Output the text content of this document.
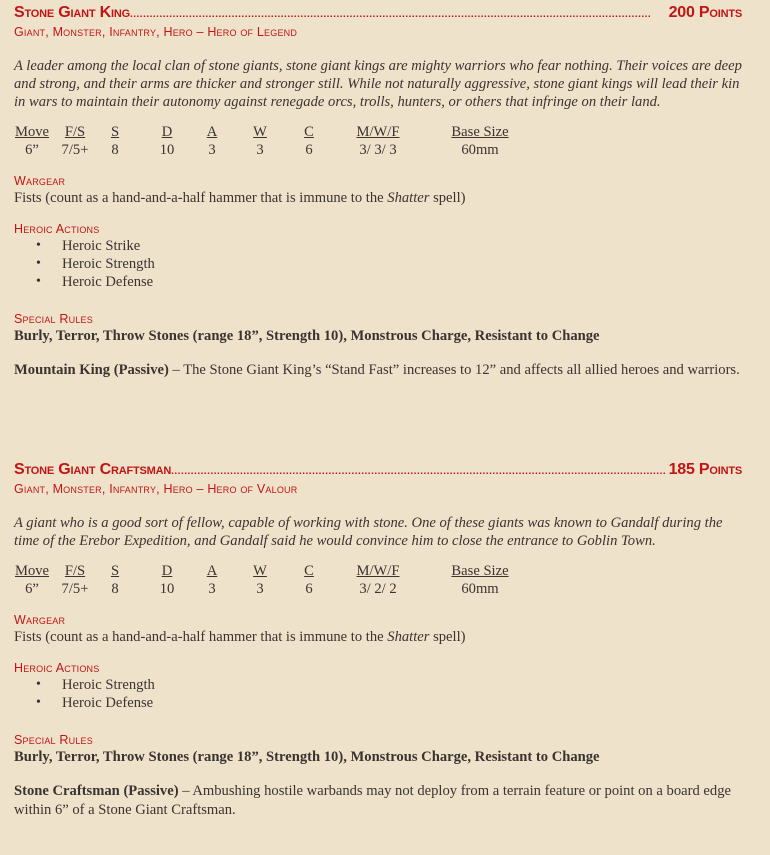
Stone Giant King ...............................................................................................................................................................	200 Points
Giant, Monster, Infantry, Hero – Hero of Legend
A leader among the local clan of stone giants, stone giant kings are mighty warriors who fear nothing. Their voices are deep and strong, and their arms are thicker and stronger still. While not naturally aggressive, stone giant kings will lead their kin in wars to maintain their autonomy against renegade orcs, trolls, hunters, or others that infringe on their land.
Move
6”
F/S
7/5+
S
8
D
10
A
3
W
3
C
6
M/W/F
3/ 3/ 3
Base Size
60mm
Wargear
Fists (count as a hand-and-a-half hammer that is immune to the Shatter spell)
Heroic Actions
• Heroic Strike
• Heroic Strength
• Heroic Defense
Special Rules
Burly, Terror, Throw Stones (range 18”, Strength 10), Monstrous Charge, Resistant to Change
Mountain King (Passive) – The Stone Giant King’s “Stand Fast” increases to 12” and affects all allied heroes and warriors.
Stone Giant Craftsman ....................................................................................................................................................... 185 Points
Giant, Monster, Infantry, Hero – Hero of Valour
A giant who is a good sort of fellow, capable of working with stone. One of these giants was known to Gandalf during the time of the Erebor Expedition, and Gandalf said he would convince him to close the entrance to Goblin Town.
Move
6”
F/S
7/5+
S
8
D
10
A
3
W
3
C
6
M/W/F
3/ 2/ 2
Base Size
60mm
Wargear
Fists (count as a hand-and-a-half hammer that is immune to the Shatter spell)
Heroic Actions
• Heroic Strength
• Heroic Defense
Special Rules
Burly, Terror, Throw Stones (range 18”, Strength 10), Monstrous Charge, Resistant to Change
Stone Craftsman (Passive) – Ambushing hostile warbands may not deploy from a terrain feature or point on a board edge within 6” of a Stone Giant Craftsman.
